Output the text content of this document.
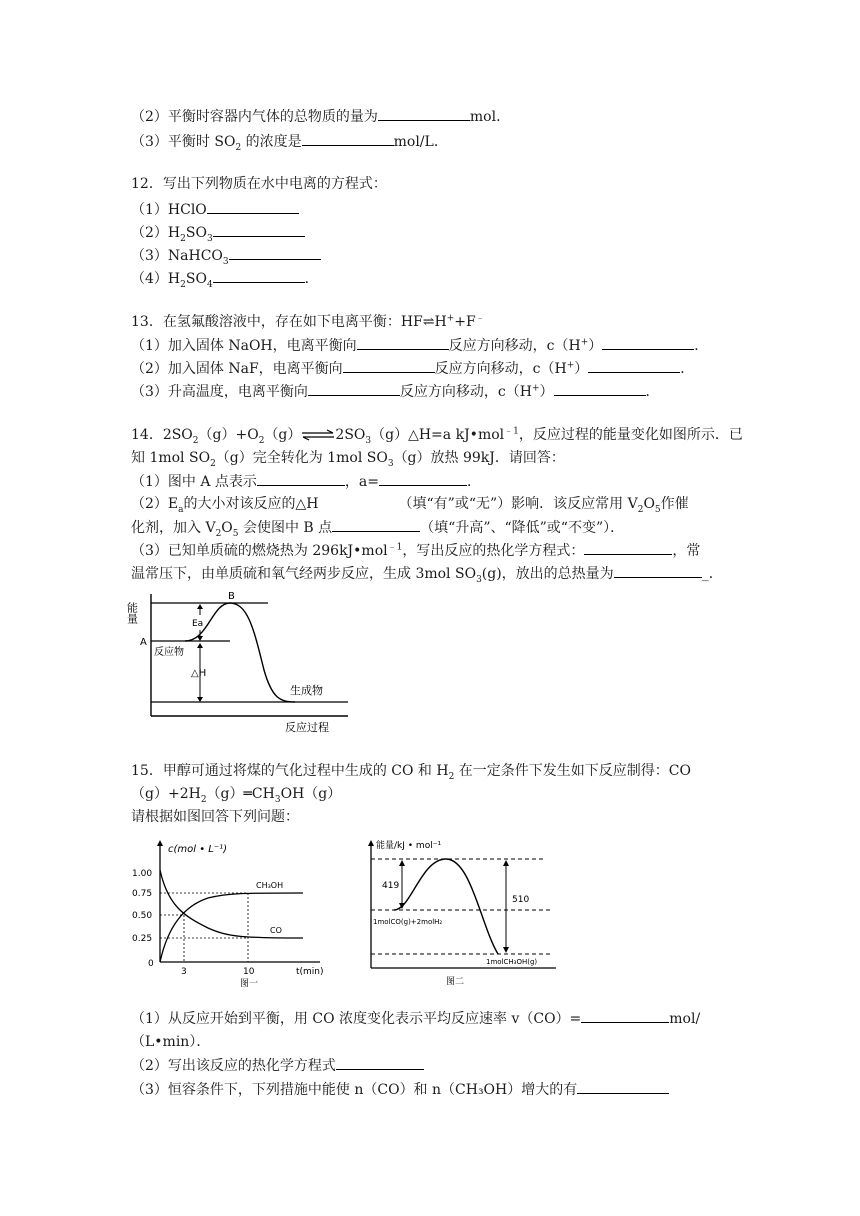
（2）平衡时容器内气体的总物质的量为	mol．
（3）平衡时 $SO_2$ 的浓度是	mol/L．
12．写出下列物质在水中电离的方程式：
（1）HClO
$(2)H_2SO_3$
（3）NaHCO$_3$
$(4)H_2SO_4$	．
13．在氢氟酸溶液中，存在如下电离平衡：HF⇌H++F﹣
（1）加入固体 NaOH，电离平衡向	反应方向移动，c（H+）	．
（2）加入固体 NaF，电离平衡向	反应方向移动，c（H+）	．
（3）升高温度，电离平衡向	反应方向移动，c（H+）	．
14．$2SO_2(g)+O_2(g)\rightleftharpoons 2SO_3(g)\triangle H=a$ kJ•mol$^{﹣1}$，反应过程的能量变化如图所示．已
知 1mol $SO_2(g)$完全转化为 1mol $SO_3(g)$放热 99kJ．请回答：
（1）图中 A 点表示	，a=	．
$(2)E_a$的大小对该反应的△H	（填“有”或“无”）影响．该反应常用 $V_2O_5$作催
化剂，加入 $V_2O_5$ 会使图中 B 点	（填“升高”、“降低”或“不变”）．
（3）已知单质硫的燃烧热为 296kJ•mol$^{﹣1}$，写出反应的热化学方程式：	，常
温常压下，由单质硫和氧气经两步反应，生成 3mol $SO_3(g)$，放出的总热量为	_．
能量
B
Ea
A
反应物
△H
生成物
反应过程
15．甲醇可通过将煤的气化过程中生成的 CO 和 $H_2$ 在一定条件下发生如下反应制得：CO
$(g)+2H_2(g)═CH_3OH(g)$
请根据如图回答下列问题：
c(mol • L⁻¹)
t(min)
1.00
0.75
0.50
0.25
0
3	10
CH₃OH
CO
图一
能量/kJ • mol⁻¹
419
510
1molCO(g)+2molH₂
1molCH₃OH(g)
图二
（1）从反应开始到平衡，用 CO 浓度变化表示平均反应速率 v（CO）=	mol/
（L•min）．
（2）写出该反应的热化学方程式
（3）恒容条件下，下列措施中能使 n（CO）和 n（CH₃OH）增大的有
